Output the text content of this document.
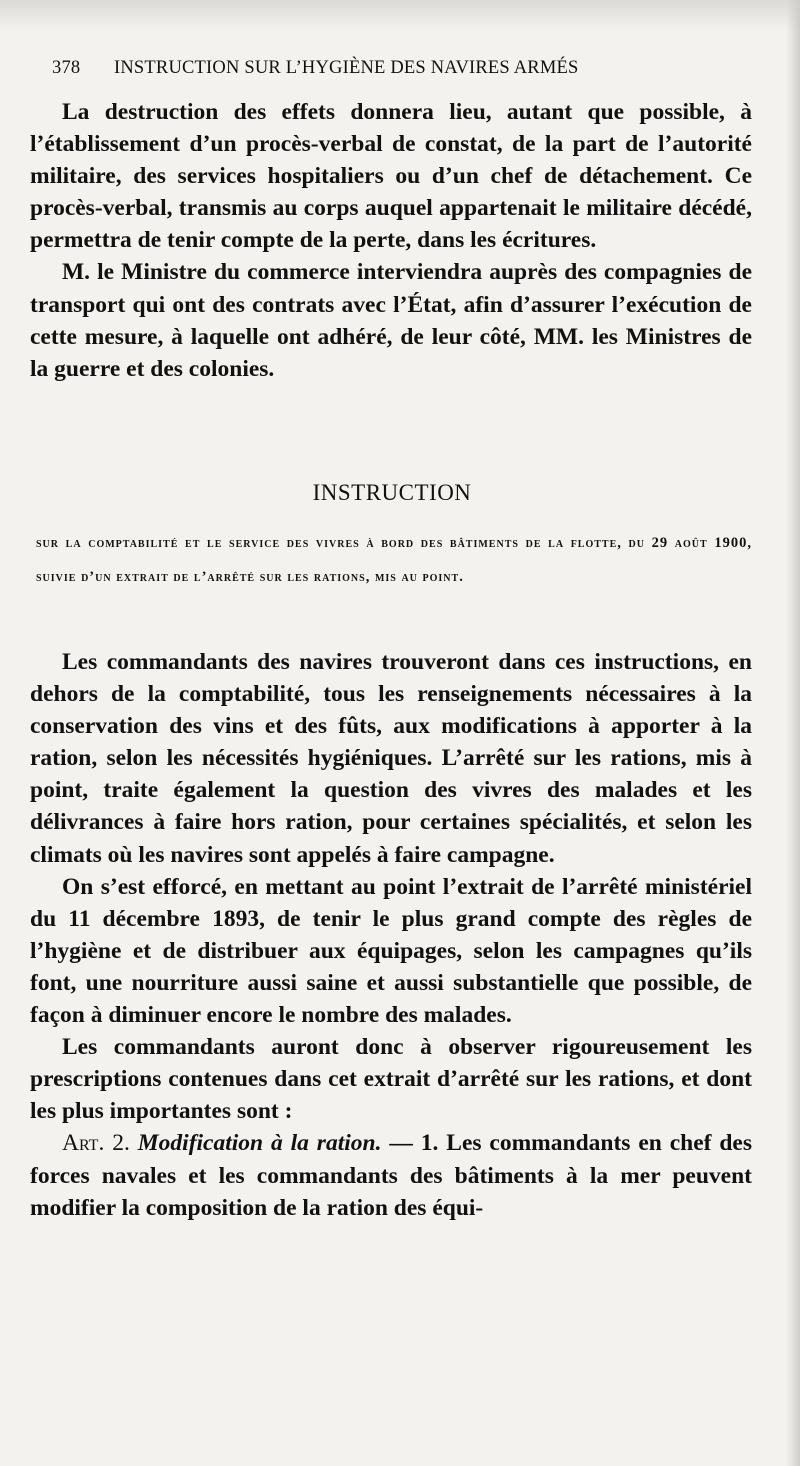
378 INSTRUCTION SUR L’HYGIÈNE DES NAVIRES ARMÉS

La destruction des effets donnera lieu, autant que possible, à l’établissement d’un procès-verbal de constat, de la part de l’autorité militaire, des services hospitaliers ou d’un chef de détachement. Ce procès-verbal, transmis au corps auquel appartenait le militaire décédé, permettra de tenir compte de la perte, dans les écritures.

M. le Ministre du commerce interviendra auprès des compagnies de transport qui ont des contrats avec l’État, afin d’assurer l’exécution de cette mesure, à laquelle ont adhéré, de leur côté, MM. les Ministres de la guerre et des colonies.

INSTRUCTION
sur la comptabilité et le service des vivres à bord des bâtiments de la flotte, du 29 août 1900, suivie d’un extrait de l’arrêté sur les rations, mis au point.

Les commandants des navires trouveront dans ces instructions, en dehors de la comptabilité, tous les renseignements nécessaires à la conservation des vins et des fûts, aux modifications à apporter à la ration, selon les nécessités hygiéniques. L’arrêté sur les rations, mis à point, traite également la question des vivres des malades et les délivrances à faire hors ration, pour certaines spécialités, et selon les climats où les navires sont appelés à faire campagne.

On s’est efforcé, en mettant au point l’extrait de l’arrêté ministériel du 11 décembre 1893, de tenir le plus grand compte des règles de l’hygiène et de distribuer aux équipages, selon les campagnes qu’ils font, une nourriture aussi saine et aussi substantielle que possible, de façon à diminuer encore le nombre des malades.

Les commandants auront donc à observer rigoureusement les prescriptions contenues dans cet extrait d’arrêté sur les rations, et dont les plus importantes sont :

Art. 2. Modification à la ration. — 1. Les commandants en chef des forces navales et les commandants des bâtiments à la mer peuvent modifier la composition de la ration des équi-
